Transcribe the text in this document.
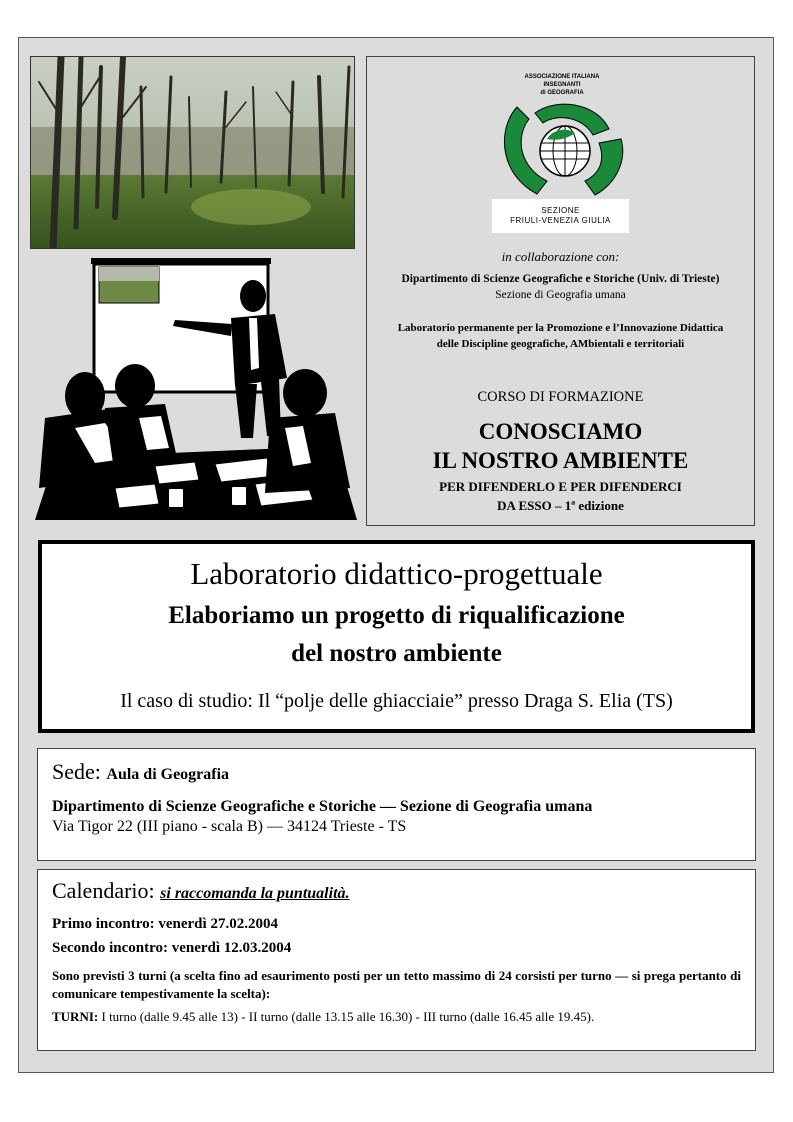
ASSOCIAZIONE ITALIANA
INSEGNANTI
di GEOGRAFIA
SEZIONE
FRIULI-VENEZIA GIULIA
in collaborazione con:
Dipartimento di Scienze Geografiche e Storiche (Univ. di Trieste)
Sezione di Geografia umana
Laboratorio permanente per la Promozione e l’Innovazione Didattica
delle Discipline geografiche, AMbientali e territoriali
CORSO DI FORMAZIONE
CONOSCIAMO
IL NOSTRO AMBIENTE
PER DIFENDERLO E PER DIFENDERCI
DA ESSO – 1ª edizione
Laboratorio didattico-progettuale
Elaboriamo un progetto di riqualificazione
del nostro ambiente
Il caso di studio: Il “polje delle ghiacciaie” presso Draga S. Elia (TS)
Sede: Aula di Geografia
Dipartimento di Scienze Geografiche e Storiche — Sezione di Geografia umana
Via Tigor 22 (III piano - scala B) — 34124 Trieste - TS
Calendario: si raccomanda la puntualità.
Primo incontro: venerdì 27.02.2004
Secondo incontro: venerdì 12.03.2004
Sono previsti 3 turni (a scelta fino ad esaurimento posti per un tetto massimo di 24 corsisti per turno — si prega pertanto di comunicare tempestivamente la scelta):
TURNI: I turno (dalle 9.45 alle 13) - II turno (dalle 13.15 alle 16.30) - III turno (dalle 16.45 alle 19.45).
